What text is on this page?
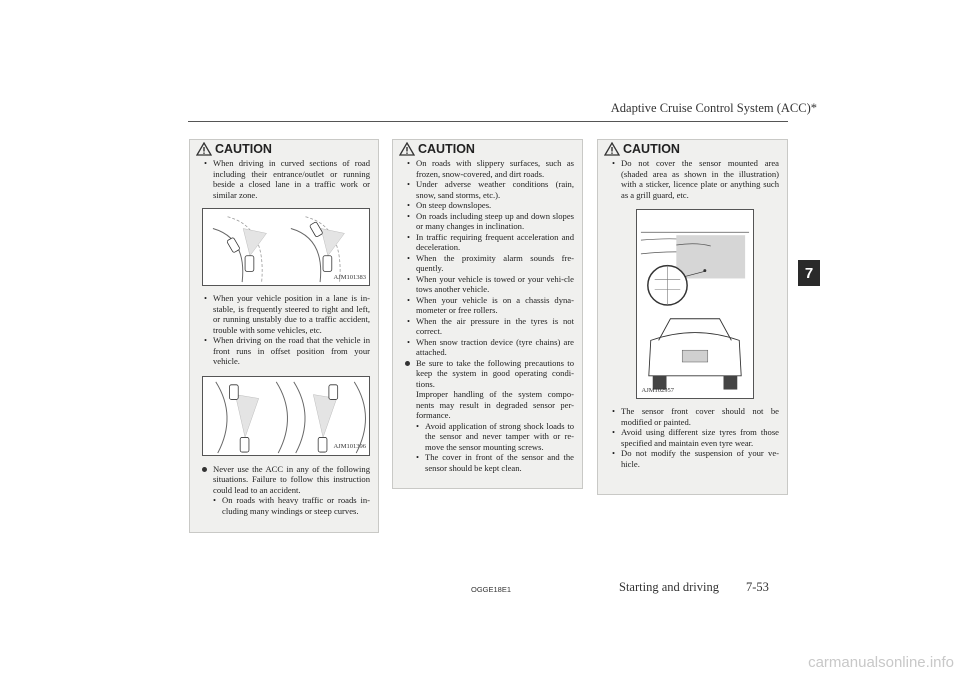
Adaptive Cruise Control System (ACC)*
7
CAUTION

• When driving in curved sections of road including their entrance/outlet or running beside a closed lane in a traffic work or similar zone.

AJM101383

• When your vehicle position in a lane is in-stable, is frequently steered to right and left, or running unstably due to a traffic accident, trouble with some vehicles, etc.

• When driving on the road that the vehicle in front runs in offset position from your vehicle.

AJM101396

Never use the ACC in any of the following situations. Failure to follow this instruction could lead to an accident.

• On roads with heavy traffic or roads in-cluding many windings or steep curves.

CAUTION

• On roads with slippery surfaces, such as frozen, snow-covered, and dirt roads.

• Under adverse weather conditions (rain, snow, sand storms, etc.).

• On steep downslopes.

• On roads including steep up and down slopes or many changes in inclination.

• In traffic requiring frequent acceleration and deceleration.

• When the proximity alarm sounds fre-quently.

• When your vehicle is towed or your vehi-cle tows another vehicle.

• When your vehicle is on a chassis dyna-mometer or free rollers.

• When the air pressure in the tyres is not correct.

• When snow traction device (tyre chains) are attached.

Be sure to take the following precautions to keep the system in good operating condi-tions.

Improper handling of the system compo-nents may result in degraded sensor per-formance.

• Avoid application of strong shock loads to the sensor and never tamper with or re-move the sensor mounting screws.

• The cover in front of the sensor and the sensor should be kept clean.

CAUTION

• Do not cover the sensor mounted area (shaded area as shown in the illustration) with a sticker, licence plate or anything such as a grill guard, etc.

AJM102957

• The sensor front cover should not be modified or painted.

• Avoid using different size tyres from those specified and maintain even tyre wear.

• Do not modify the suspension of your ve-hicle.

OGGE18E1	Starting and driving 7-53
carmanualsonline.info
